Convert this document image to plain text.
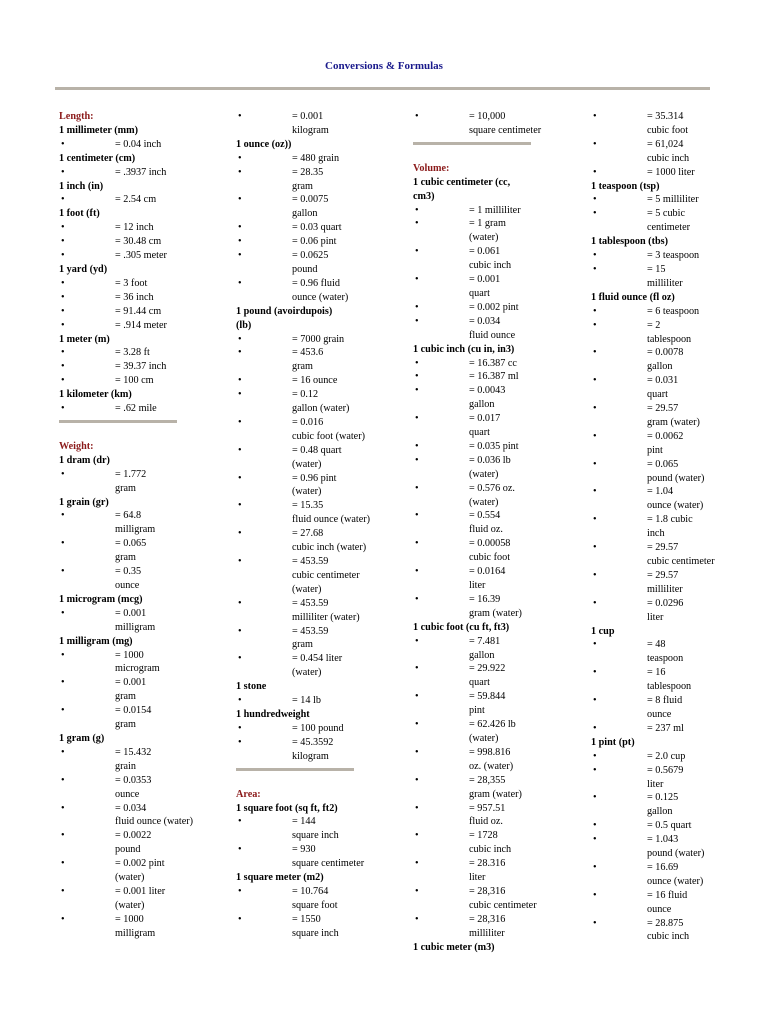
Conversions & Formulas
Length:
1 millimeter (mm)
•	= 0.04 inch
1 centimeter (cm)
•	= .3937 inch
1 inch (in)
•	= 2.54 cm
1 foot (ft)
•	= 12 inch
•	= 30.48 cm
•	= .305 meter
1 yard (yd)
•	= 3 foot
•	= 36 inch
•	= 91.44 cm
•	= .914 meter
1 meter (m)
•	= 3.28 ft
•	= 39.37 inch
•	= 100 cm
1 kilometer (km)
•	= .62 mile
Weight:
1 dram (dr)
•	= 1.772
gram
1 grain (gr)
•	= 64.8
milligram
•	= 0.065
gram
•	= 0.35
ounce
1 microgram (mcg)
•	= 0.001
milligram
1 milligram (mg)
•	= 1000
microgram
•	= 0.001
gram
•	= 0.0154
gram
1 gram (g)
•	= 15.432
grain
•	= 0.0353
ounce
•	= 0.034
fluid ounce (water)
•	= 0.0022
pound
•	= 0.002 pint
(water)
•	= 0.001 liter
(water)
•	= 1000
milligram
•	= 0.001
kilogram
1 ounce (oz))
•	= 480 grain
•	= 28.35
gram
•	= 0.0075
gallon
•	= 0.03 quart
•	= 0.06 pint
•	= 0.0625
pound
•	= 0.96 fluid
ounce (water)
1 pound (avoirdupois)
(lb)
•	= 7000 grain
•	= 453.6
gram
•	= 16 ounce
•	= 0.12
gallon (water)
•	= 0.016
cubic foot (water)
•	= 0.48 quart
(water)
•	= 0.96 pint
(water)
•	= 15.35
fluid ounce (water)
•	= 27.68
cubic inch (water)
•	= 453.59
cubic centimeter
(water)
•	= 453.59
milliliter (water)
•	= 453.59
gram
•	= 0.454 liter
(water)
1 stone
•	= 14 lb
1 hundredweight
•	= 100 pound
•	= 45.3592
kilogram
Area:
1 square foot (sq ft, ft2)
•	= 144
square inch
•	= 930
square centimeter
1 square meter (m2)
•	= 10.764
square foot
•	= 1550
square inch
•	= 10,000
square centimeter
Volume:
1 cubic centimeter (cc,
cm3)
•	= 1 milliliter
•	= 1 gram
(water)
•	= 0.061
cubic inch
•	= 0.001
quart
•	= 0.002 pint
•	= 0.034
fluid ounce
1 cubic inch (cu in, in3)
•	= 16.387 cc
•	= 16.387 ml
•	= 0.0043
gallon
•	= 0.017
quart
•	= 0.035 pint
•	= 0.036 lb
(water)
•	= 0.576 oz.
(water)
•	= 0.554
fluid oz.
•	= 0.00058
cubic foot
•	= 0.0164
liter
•	= 16.39
gram (water)
1 cubic foot (cu ft, ft3)
•	= 7.481
gallon
•	= 29.922
quart
•	= 59.844
pint
•	= 62.426 lb
(water)
•	= 998.816
oz. (water)
•	= 28,355
gram (water)
•	= 957.51
fluid oz.
•	= 1728
cubic inch
•	= 28.316
liter
•	= 28,316
cubic centimeter
•	= 28,316
milliliter
1 cubic meter (m3)
•	= 35.314
cubic foot
•	= 61,024
cubic inch
•	= 1000 liter
1 teaspoon (tsp)
•	= 5 milliliter
•	= 5 cubic
centimeter
1 tablespoon (tbs)
•	= 3 teaspoon
•	= 15
milliliter
1 fluid ounce (fl oz)
•	= 6 teaspoon
•	= 2
tablespoon
•	= 0.0078
gallon
•	= 0.031
quart
•	= 29.57
gram (water)
•	= 0.0062
pint
•	= 0.065
pound (water)
•	= 1.04
ounce (water)
•	= 1.8 cubic
inch
•	= 29.57
cubic centimeter
•	= 29.57
milliliter
•	= 0.0296
liter
1 cup
•	= 48
teaspoon
•	= 16
tablespoon
•	= 8 fluid
ounce
•	= 237 ml
1 pint (pt)
•	= 2.0 cup
•	= 0.5679
liter
•	= 0.125
gallon
•	= 0.5 quart
•	= 1.043
pound (water)
•	= 16.69
ounce (water)
•	= 16 fluid
ounce
•	= 28.875
cubic inch
